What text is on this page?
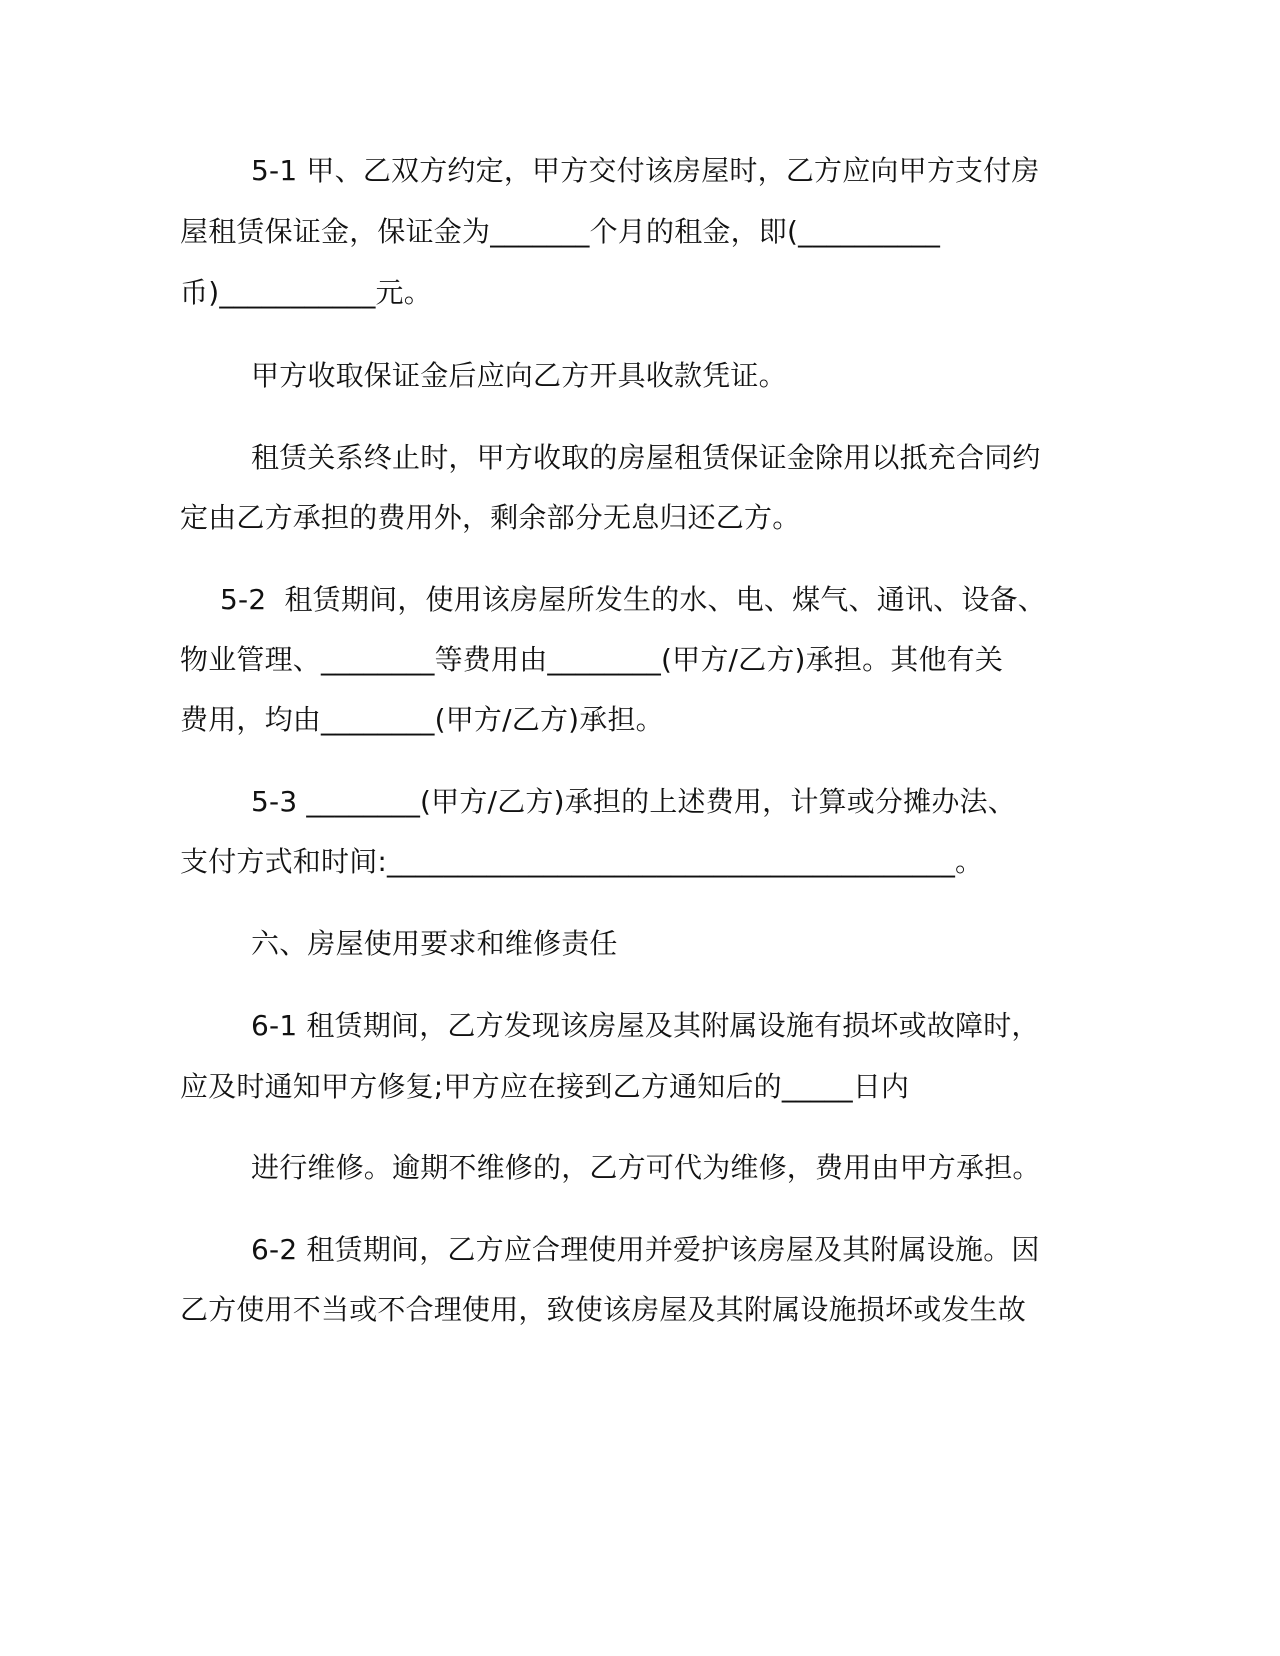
5-1 甲、乙双方约定，甲方交付该房屋时，乙方应向甲方支付房
屋租赁保证金，保证金为_______个月的租金，即(__________
币)___________元。
甲方收取保证金后应向乙方开具收款凭证。
租赁关系终止时，甲方收取的房屋租赁保证金除用以抵充合同约
定由乙方承担的费用外，剩余部分无息归还乙方。
5-2  租赁期间，使用该房屋所发生的水、电、煤气、通讯、设备、
物业管理、________等费用由________(甲方/乙方)承担。其他有关
费用，均由________(甲方/乙方)承担。
5-3 ________(甲方/乙方)承担的上述费用，计算或分摊办法、
支付方式和时间:________________________________________。
六、房屋使用要求和维修责任
6-1 租赁期间，乙方发现该房屋及其附属设施有损坏或故障时，
应及时通知甲方修复;甲方应在接到乙方通知后的_____日内
进行维修。逾期不维修的，乙方可代为维修，费用由甲方承担。
6-2 租赁期间，乙方应合理使用并爱护该房屋及其附属设施。因
乙方使用不当或不合理使用，致使该房屋及其附属设施损坏或发生故
